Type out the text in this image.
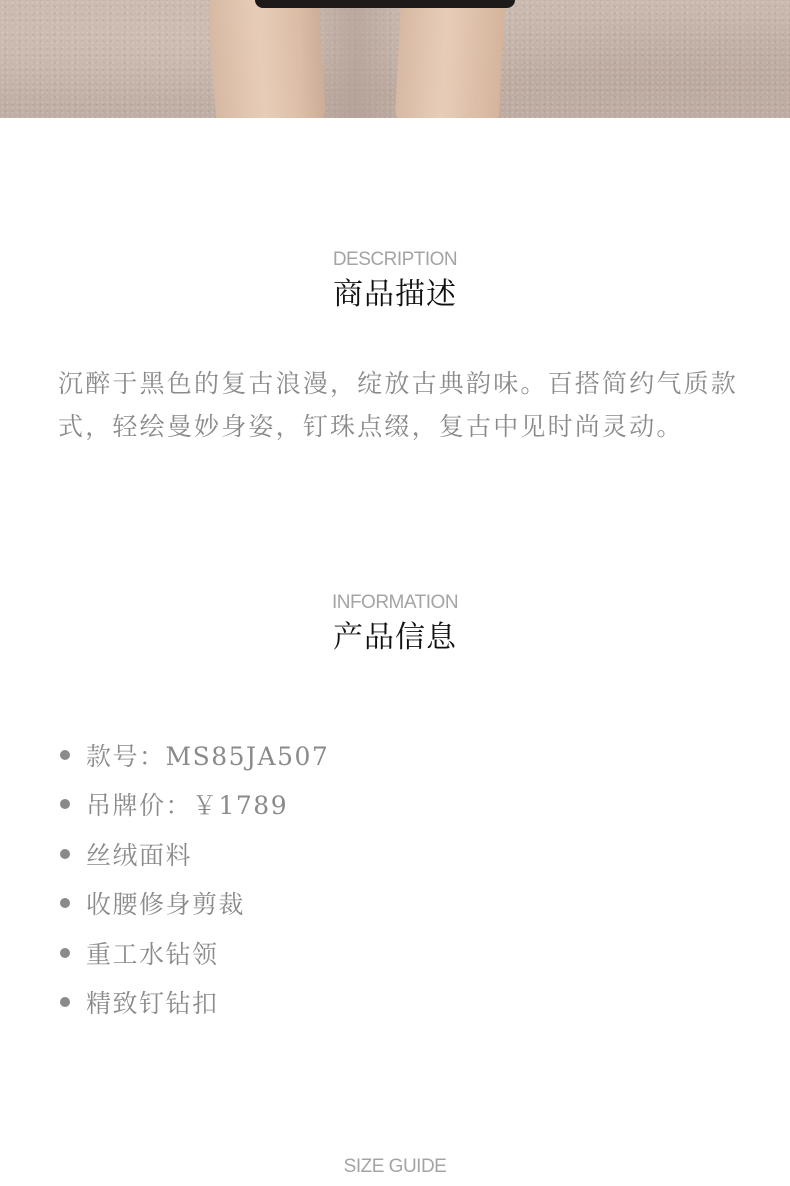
DESCRIPTION
商品描述

沉醉于黑色的复古浪漫，绽放古典韵味。百搭简约气质款式，轻绘曼妙身姿，钉珠点缀，复古中见时尚灵动。

INFORMATION
产品信息
款号：MS85JA507
吊牌价：￥1789
丝绒面料
收腰修身剪裁
重工水钻领
精致钉钻扣
SIZE GUIDE
